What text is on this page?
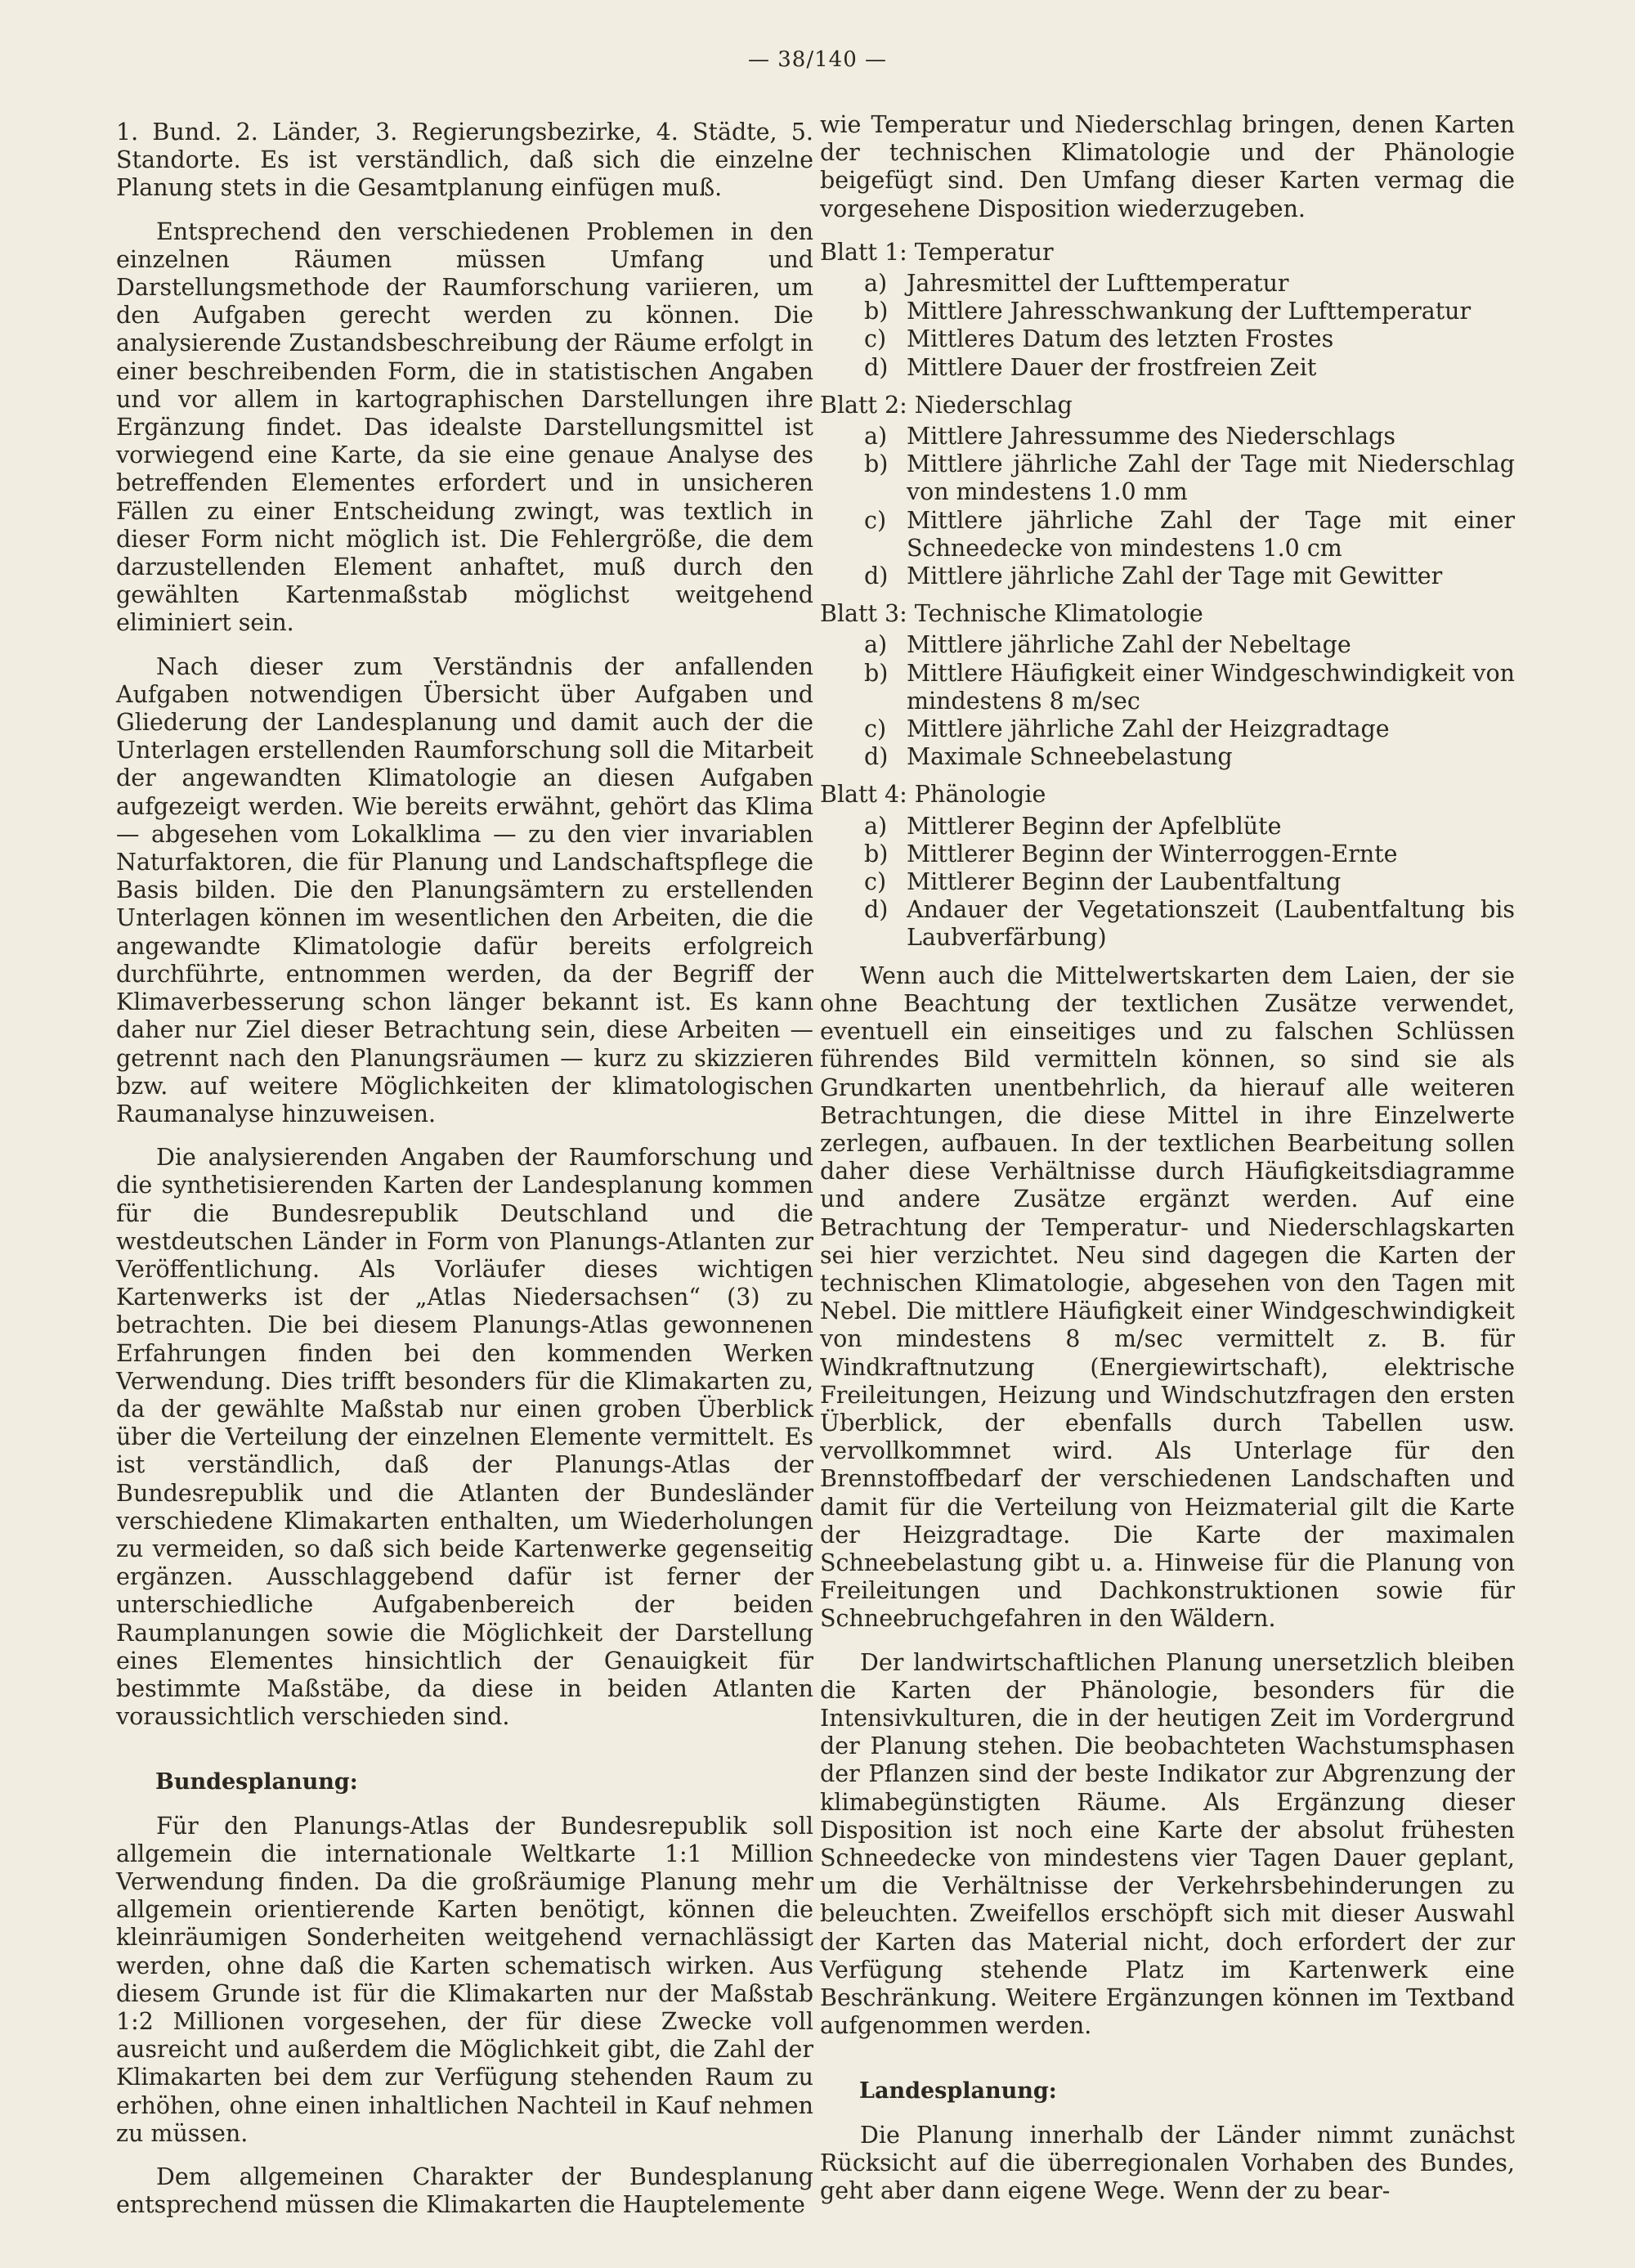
— 38/140 —

1. Bund. 2. Länder, 3. Regierungsbezirke, 4. Städte, 5. Standorte. Es ist verständlich, daß sich die einzelne Planung stets in die Gesamtplanung einfügen muß.

Entsprechend den verschiedenen Problemen in den einzelnen Räumen müssen Umfang und Darstellungsmethode der Raumforschung variieren, um den Aufgaben gerecht werden zu können. Die analysierende Zustandsbeschreibung der Räume erfolgt in einer beschreibenden Form, die in statistischen Angaben und vor allem in kartographischen Darstellungen ihre Ergänzung findet. Das idealste Darstellungsmittel ist vorwiegend eine Karte, da sie eine genaue Analyse des betreffenden Elementes erfordert und in unsicheren Fällen zu einer Entscheidung zwingt, was textlich in dieser Form nicht möglich ist. Die Fehlergröße, die dem darzustellenden Element anhaftet, muß durch den gewählten Kartenmaßstab möglichst weitgehend eliminiert sein.

Nach dieser zum Verständnis der anfallenden Aufgaben notwendigen Übersicht über Aufgaben und Gliederung der Landesplanung und damit auch der die Unterlagen erstellenden Raumforschung soll die Mitarbeit der angewandten Klimatologie an diesen Aufgaben aufgezeigt werden. Wie bereits erwähnt, gehört das Klima — abgesehen vom Lokalklima — zu den vier invariablen Naturfaktoren, die für Planung und Landschaftspflege die Basis bilden. Die den Planungsämtern zu erstellenden Unterlagen können im wesentlichen den Arbeiten, die die angewandte Klimatologie dafür bereits erfolgreich durchführte, entnommen werden, da der Begriff der Klimaverbesserung schon länger bekannt ist. Es kann daher nur Ziel dieser Betrachtung sein, diese Arbeiten — getrennt nach den Planungsräumen — kurz zu skizzieren bzw. auf weitere Möglichkeiten der klimatologischen Raumanalyse hinzuweisen.

Die analysierenden Angaben der Raumforschung und die synthetisierenden Karten der Landesplanung kommen für die Bundesrepublik Deutschland und die westdeutschen Länder in Form von Planungs-Atlanten zur Veröffentlichung. Als Vorläufer dieses wichtigen Kartenwerks ist der „Atlas Niedersachsen“ (3) zu betrachten. Die bei diesem Planungs-Atlas gewonnenen Erfahrungen finden bei den kommenden Werken Verwendung. Dies trifft besonders für die Klimakarten zu, da der gewählte Maßstab nur einen groben Überblick über die Verteilung der einzelnen Elemente vermittelt. Es ist verständlich, daß der Planungs-Atlas der Bundesrepublik und die Atlanten der Bundesländer verschiedene Klimakarten enthalten, um Wiederholungen zu vermeiden, so daß sich beide Kartenwerke gegenseitig ergänzen. Ausschlaggebend dafür ist ferner der unterschiedliche Aufgabenbereich der beiden Raumplanungen sowie die Möglichkeit der Darstellung eines Elementes hinsichtlich der Genauigkeit für bestimmte Maßstäbe, da diese in beiden Atlanten voraussichtlich verschieden sind.

Bundesplanung:

Für den Planungs-Atlas der Bundesrepublik soll allgemein die internationale Weltkarte 1:1 Million Verwendung finden. Da die großräumige Planung mehr allgemein orientierende Karten benötigt, können die kleinräumigen Sonderheiten weitgehend vernachlässigt werden, ohne daß die Karten schematisch wirken. Aus diesem Grunde ist für die Klimakarten nur der Maßstab 1:2 Millionen vorgesehen, der für diese Zwecke voll ausreicht und außerdem die Möglichkeit gibt, die Zahl der Klimakarten bei dem zur Verfügung stehenden Raum zu erhöhen, ohne einen inhaltlichen Nachteil in Kauf nehmen zu müssen.

Dem allgemeinen Charakter der Bundesplanung entsprechend müssen die Klimakarten die Hauptelemente

wie Temperatur und Niederschlag bringen, denen Karten der technischen Klimatologie und der Phänologie beigefügt sind. Den Umfang dieser Karten vermag die vorgesehene Disposition wiederzugeben.

Blatt 1: Temperatur
a) Jahresmittel der Lufttemperatur
b) Mittlere Jahresschwankung der Lufttemperatur
c) Mittleres Datum des letzten Frostes
d) Mittlere Dauer der frostfreien Zeit
Blatt 2: Niederschlag
a) Mittlere Jahressumme des Niederschlags
b) Mittlere jährliche Zahl der Tage mit Niederschlag von mindestens 1.0 mm
c) Mittlere jährliche Zahl der Tage mit einer Schneedecke von mindestens 1.0 cm
d) Mittlere jährliche Zahl der Tage mit Gewitter
Blatt 3: Technische Klimatologie
a) Mittlere jährliche Zahl der Nebeltage
b) Mittlere Häufigkeit einer Windgeschwindigkeit von mindestens 8 m/sec
c) Mittlere jährliche Zahl der Heizgradtage
d) Maximale Schneebelastung
Blatt 4: Phänologie
a) Mittlerer Beginn der Apfelblüte
b) Mittlerer Beginn der Winterroggen-Ernte
c) Mittlerer Beginn der Laubentfaltung
d) Andauer der Vegetationszeit (Laubentfaltung bis Laubverfärbung)

Wenn auch die Mittelwertskarten dem Laien, der sie ohne Beachtung der textlichen Zusätze verwendet, eventuell ein einseitiges und zu falschen Schlüssen führendes Bild vermitteln können, so sind sie als Grundkarten unentbehrlich, da hierauf alle weiteren Betrachtungen, die diese Mittel in ihre Einzelwerte zerlegen, aufbauen. In der textlichen Bearbeitung sollen daher diese Verhältnisse durch Häufigkeitsdiagramme und andere Zusätze ergänzt werden. Auf eine Betrachtung der Temperatur- und Niederschlagskarten sei hier verzichtet. Neu sind dagegen die Karten der technischen Klimatologie, abgesehen von den Tagen mit Nebel. Die mittlere Häufigkeit einer Windgeschwindigkeit von mindestens 8 m/sec vermittelt z. B. für Windkraftnutzung (Energiewirtschaft), elektrische Freileitungen, Heizung und Windschutzfragen den ersten Überblick, der ebenfalls durch Tabellen usw. vervollkommnet wird. Als Unterlage für den Brennstoffbedarf der verschiedenen Landschaften und damit für die Verteilung von Heizmaterial gilt die Karte der Heizgradtage. Die Karte der maximalen Schneebelastung gibt u. a. Hinweise für die Planung von Freileitungen und Dachkonstruktionen sowie für Schneebruchgefahren in den Wäldern.

Der landwirtschaftlichen Planung unersetzlich bleiben die Karten der Phänologie, besonders für die Intensivkulturen, die in der heutigen Zeit im Vordergrund der Planung stehen. Die beobachteten Wachstumsphasen der Pflanzen sind der beste Indikator zur Abgrenzung der klimabegünstigten Räume. Als Ergänzung dieser Disposition ist noch eine Karte der absolut frühesten Schneedecke von mindestens vier Tagen Dauer geplant, um die Verhältnisse der Verkehrsbehinderungen zu beleuchten. Zweifellos erschöpft sich mit dieser Auswahl der Karten das Material nicht, doch erfordert der zur Verfügung stehende Platz im Kartenwerk eine Beschränkung. Weitere Ergänzungen können im Textband aufgenommen werden.

Landesplanung:

Die Planung innerhalb der Länder nimmt zunächst Rücksicht auf die überregionalen Vorhaben des Bundes, geht aber dann eigene Wege. Wenn der zu bear-
